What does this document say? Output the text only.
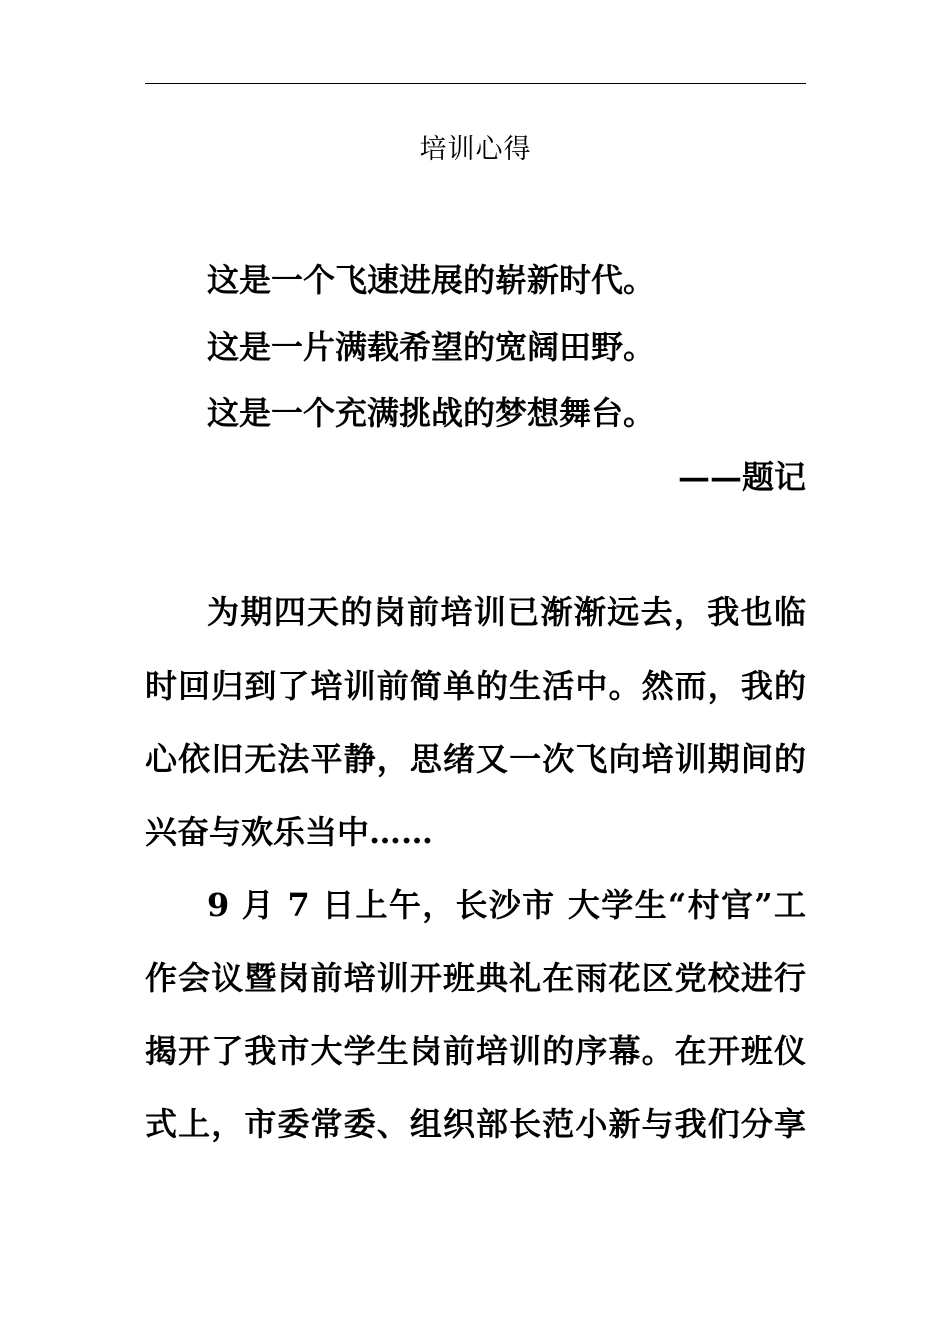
培训心得
这是一个飞速进展的崭新时代。
这是一片满载希望的宽阔田野。
这是一个充满挑战的梦想舞台。
——题记
为期四天的岗前培训已渐渐远去，我也临
时回归到了培训前简单的生活中。然而，我的
心依旧无法平静，思绪又一次飞向培训期间的
兴奋与欢乐当中……
9 月 7 日上午，长沙市 大学生“村官”工
作会议暨岗前培训开班典礼在雨花区党校进行
揭开了我市大学生岗前培训的序幕。在开班仪
式上，市委常委、组织部长范小新与我们分享
